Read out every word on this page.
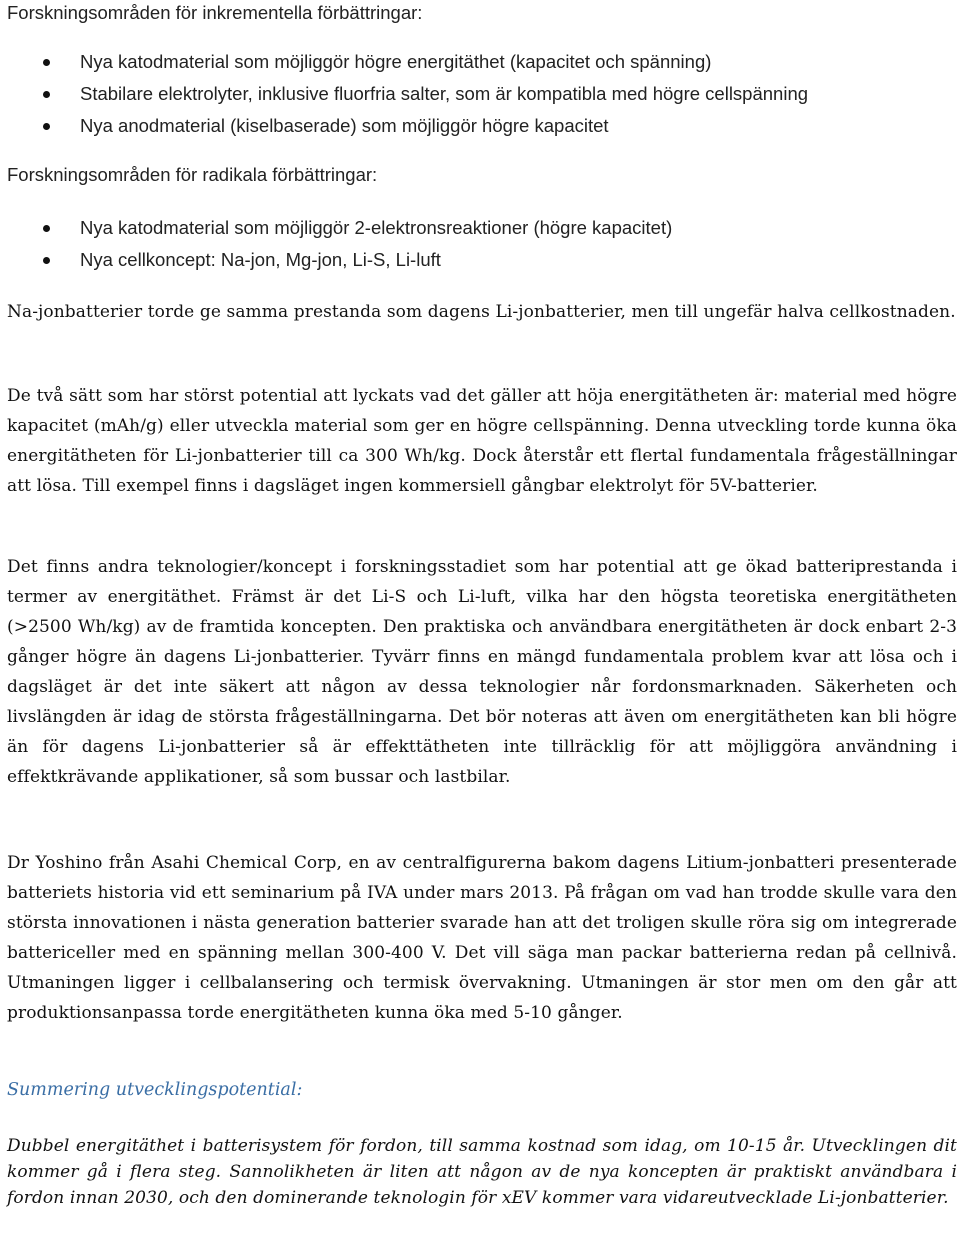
Forskningsområden för inkrementella förbättringar:

Nya katodmaterial som möjliggör högre energitäthet (kapacitet och spänning)
Stabilare elektrolyter, inklusive fluorfria salter, som är kompatibla med högre cellspänning
Nya anodmaterial (kiselbaserade) som möjliggör högre kapacitet

Forskningsområden för radikala förbättringar:

Nya katodmaterial som möjliggör 2-elektronsreaktioner (högre kapacitet)
Nya cellkoncept: Na-jon, Mg-jon, Li-S, Li-luft

Na-jonbatterier torde ge samma prestanda som dagens Li-jonbatterier, men till ungefär halva cellkostnaden.

De två sätt som har störst potential att lyckats vad det gäller att höja energitätheten är: material med högre kapacitet (mAh/g) eller utveckla material som ger en högre cellspänning. Denna utveckling torde kunna öka energitätheten för Li-jonbatterier till ca 300 Wh/kg. Dock återstår ett flertal fundamentala frågeställningar att lösa. Till exempel finns i dagsläget ingen kommersiell gångbar elektrolyt för 5V-batterier.

Det finns andra teknologier/koncept i forskningsstadiet som har potential att ge ökad batteriprestanda i termer av energitäthet. Främst är det Li-S och Li-luft, vilka har den högsta teoretiska energitätheten (>2500 Wh/kg) av de framtida koncepten. Den praktiska och användbara energitätheten är dock enbart 2-3 gånger högre än dagens Li-jonbatterier. Tyvärr finns en mängd fundamentala problem kvar att lösa och i dagsläget är det inte säkert att någon av dessa teknologier når fordonsmarknaden. Säkerheten och livslängden är idag de största frågeställningarna. Det bör noteras att även om energitätheten kan bli högre än för dagens Li-jonbatterier så är effekttätheten inte tillräcklig för att möjliggöra användning i effektkrävande applikationer, så som bussar och lastbilar.

Dr Yoshino från Asahi Chemical Corp, en av centralfigurerna bakom dagens Litium-jonbatteri presenterade batteriets historia vid ett seminarium på IVA under mars 2013. På frågan om vad han trodde skulle vara den största innovationen i nästa generation batterier svarade han att det troligen skulle röra sig om integrerade battericeller med en spänning mellan 300-400 V. Det vill säga man packar batterierna redan på cellnivå. Utmaningen ligger i cellbalansering och termisk övervakning. Utmaningen är stor men om den går att produktionsanpassa torde energitätheten kunna öka med 5-10 gånger.

Summering utvecklingspotential:

Dubbel energitäthet i batterisystem för fordon, till samma kostnad som idag, om 10-15 år. Utvecklingen dit kommer gå i flera steg. Sannolikheten är liten att någon av de nya koncepten är praktiskt användbara i fordon innan 2030, och den dominerande teknologin för xEV kommer vara vidareutvecklade Li-jonbatterier.
